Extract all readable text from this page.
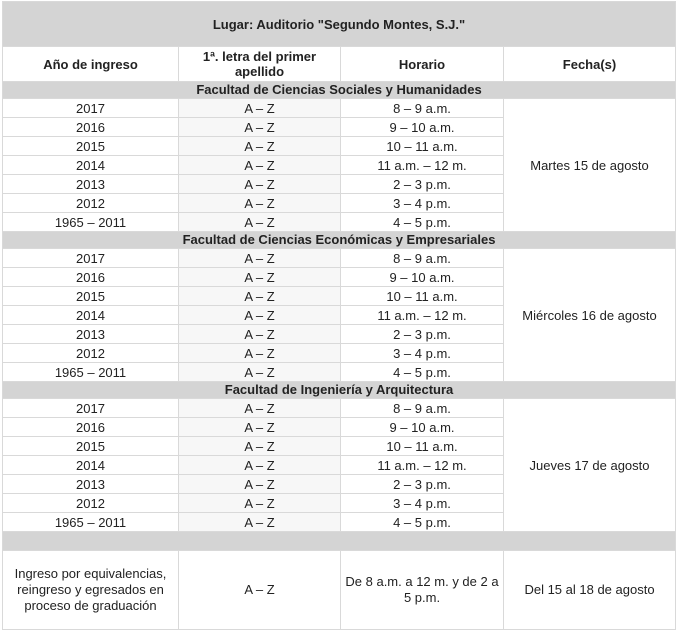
Lugar: Auditorio "Segundo Montes, S.J."			
Año de ingreso	1ª. letra del primer apellido	Horario	Fecha(s)
Facultad de Ciencias Sociales y Humanidades			
2017	A – Z	8 – 9 a.m.	Martes 15 de agosto
2016	A – Z	9 – 10 a.m.	
2015	A – Z	10 – 11 a.m.	
2014	A – Z	11 a.m. – 12 m.	
2013	A – Z	2 – 3 p.m.	
2012	A – Z	3 – 4 p.m.	
1965 – 2011	A – Z	4 – 5 p.m.	
Facultad de Ciencias Económicas y Empresariales			
2017	A – Z	8 – 9 a.m.	Miércoles 16 de agosto
2016	A – Z	9 – 10 a.m.	
2015	A – Z	10 – 11 a.m.	
2014	A – Z	11 a.m. – 12 m.	
2013	A – Z	2 – 3 p.m.	
2012	A – Z	3 – 4 p.m.	
1965 – 2011	A – Z	4 – 5 p.m.	
Facultad de Ingeniería y Arquitectura			
2017	A – Z	8 – 9 a.m.	Jueves 17 de agosto
2016	A – Z	9 – 10 a.m.	
2015	A – Z	10 – 11 a.m.	
2014	A – Z	11 a.m. – 12 m.	
2013	A – Z	2 – 3 p.m.	
2012	A – Z	3 – 4 p.m.	
1965 – 2011	A – Z	4 – 5 p.m.	

Ingreso por equivalencias, reingreso y egresados en proceso de graduación	A – Z	De 8 a.m. a 12 m. y de 2 a 5 p.m.	Del 15 al 18 de agosto
